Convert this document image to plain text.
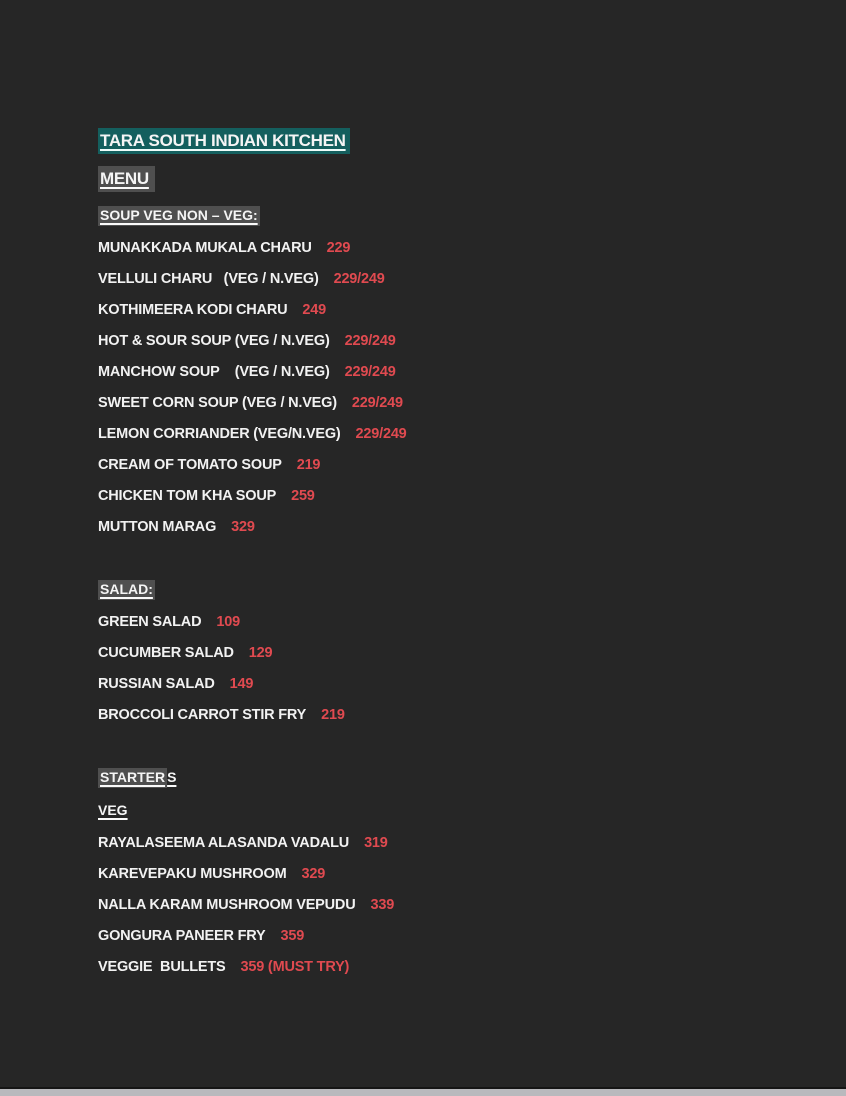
TARA SOUTH INDIAN KITCHEN
MENU
SOUP VEG NON – VEG:
MUNAKKADA MUKALA CHARU 229
VELLULI CHARU   (VEG / N.VEG) 229/249
KOTHIMEERA KODI CHARU 249
HOT & SOUR SOUP (VEG / N.VEG) 229/249
MANCHOW SOUP    (VEG / N.VEG) 229/249
SWEET CORN SOUP (VEG / N.VEG) 229/249
LEMON CORRIANDER (VEG/N.VEG) 229/249
CREAM OF TOMATO SOUP 219
CHICKEN TOM KHA SOUP 259
MUTTON MARAG 329
SALAD:
GREEN SALAD 109
CUCUMBER SALAD 129
RUSSIAN SALAD 149
BROCCOLI CARROT STIR FRY 219
STARTER S
VEG
RAYALASEEMA ALASANDA VADALU 319
KAREVEPAKU MUSHROOM 329
NALLA KARAM MUSHROOM VEPUDU 339
GONGURA PANEER FRY 359
VEGGIE  BULLETS 359 (MUST TRY)
